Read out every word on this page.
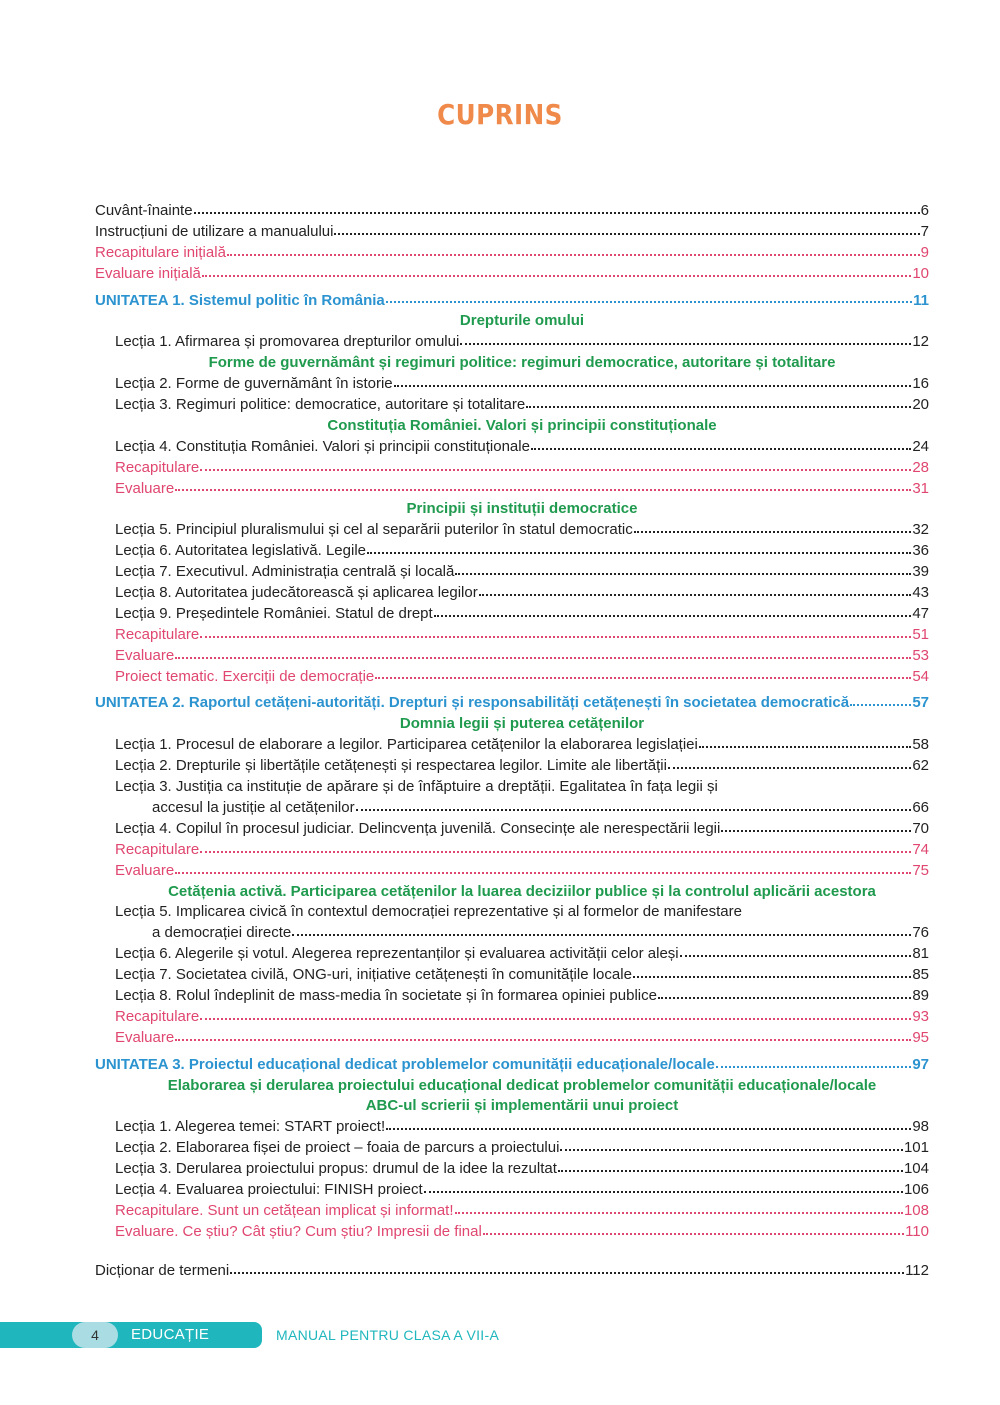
CUPRINS
Cuvânt-înainte	6
Instrucțiuni de utilizare a manualului	7
Recapitulare inițială	9
Evaluare inițială	10
UNITATEA 1. Sistemul politic în România	11
Drepturile omului
Lecția 1. Afirmarea și promovarea drepturilor omului	12
Forme de guvernământ și regimuri politice: regimuri democratice, autoritare și totalitare
Lecția 2. Forme de guvernământ în istorie	16
Lecția 3. Regimuri politice: democratice, autoritare și totalitare	20
Constituția României. Valori și principii constituționale
Lecția 4. Constituția României. Valori și principii constituționale	24
Recapitulare	28
Evaluare	31
Principii și instituții democratice
Lecția 5. Principiul pluralismului și cel al separării puterilor în statul democratic	32
Lecția 6. Autoritatea legislativă. Legile	36
Lecția 7. Executivul. Administrația centrală și locală	39
Lecția 8. Autoritatea judecătorească și aplicarea legilor	43
Lecția 9. Președintele României. Statul de drept	47
Recapitulare	51
Evaluare	53
Proiect tematic. Exerciții de democrație	54
UNITATEA 2. Raportul cetățeni-autorități. Drepturi și responsabilități cetățenești în societatea democratică	57
Domnia legii și puterea cetățenilor
Lecția 1. Procesul de elaborare a legilor. Participarea cetățenilor la elaborarea legislației	58
Lecția 2. Drepturile și libertățile cetățenești și respectarea legilor. Limite ale libertății	62
Lecția 3. Justiția ca instituție de apărare și de înfăptuire a dreptății. Egalitatea în fața legii și
accesul la justiție al cetățenilor	66
Lecția 4. Copilul în procesul judiciar. Delincvența juvenilă. Consecințe ale nerespectării legii	70
Recapitulare	74
Evaluare	75
Cetățenia activă. Participarea cetățenilor la luarea deciziilor publice și la controlul aplicării acestora
Lecția 5. Implicarea civică în contextul democrației reprezentative și al formelor de manifestare
a democrației directe	76
Lecția 6. Alegerile și votul. Alegerea reprezentanților și evaluarea activității celor aleși	81
Lecția 7. Societatea civilă, ONG-uri, inițiative cetățenești în comunitățile locale	85
Lecția 8. Rolul îndeplinit de mass-media în societate și în formarea opiniei publice	89
Recapitulare	93
Evaluare	95
UNITATEA 3. Proiectul educațional dedicat problemelor comunității educaționale/locale	97
Elaborarea și derularea proiectului educațional dedicat problemelor comunității educaționale/locale
ABC-ul scrierii și implementării unui proiect
Lecția 1. Alegerea temei: START proiect!	98
Lecția 2. Elaborarea fișei de proiect – foaia de parcurs a proiectului	101
Lecția 3. Derularea proiectului propus: drumul de la idee la rezultat	104
Lecția 4. Evaluarea proiectului: FINISH proiect	106
Recapitulare. Sunt un cetățean implicat și informat!	108
Evaluare. Ce știu? Cât știu? Cum știu? Impresii de final	110
Dicționar de termeni	112
4	EDUCAȚIE SOCIALĂ
MANUAL PENTRU CLASA A VII-A
